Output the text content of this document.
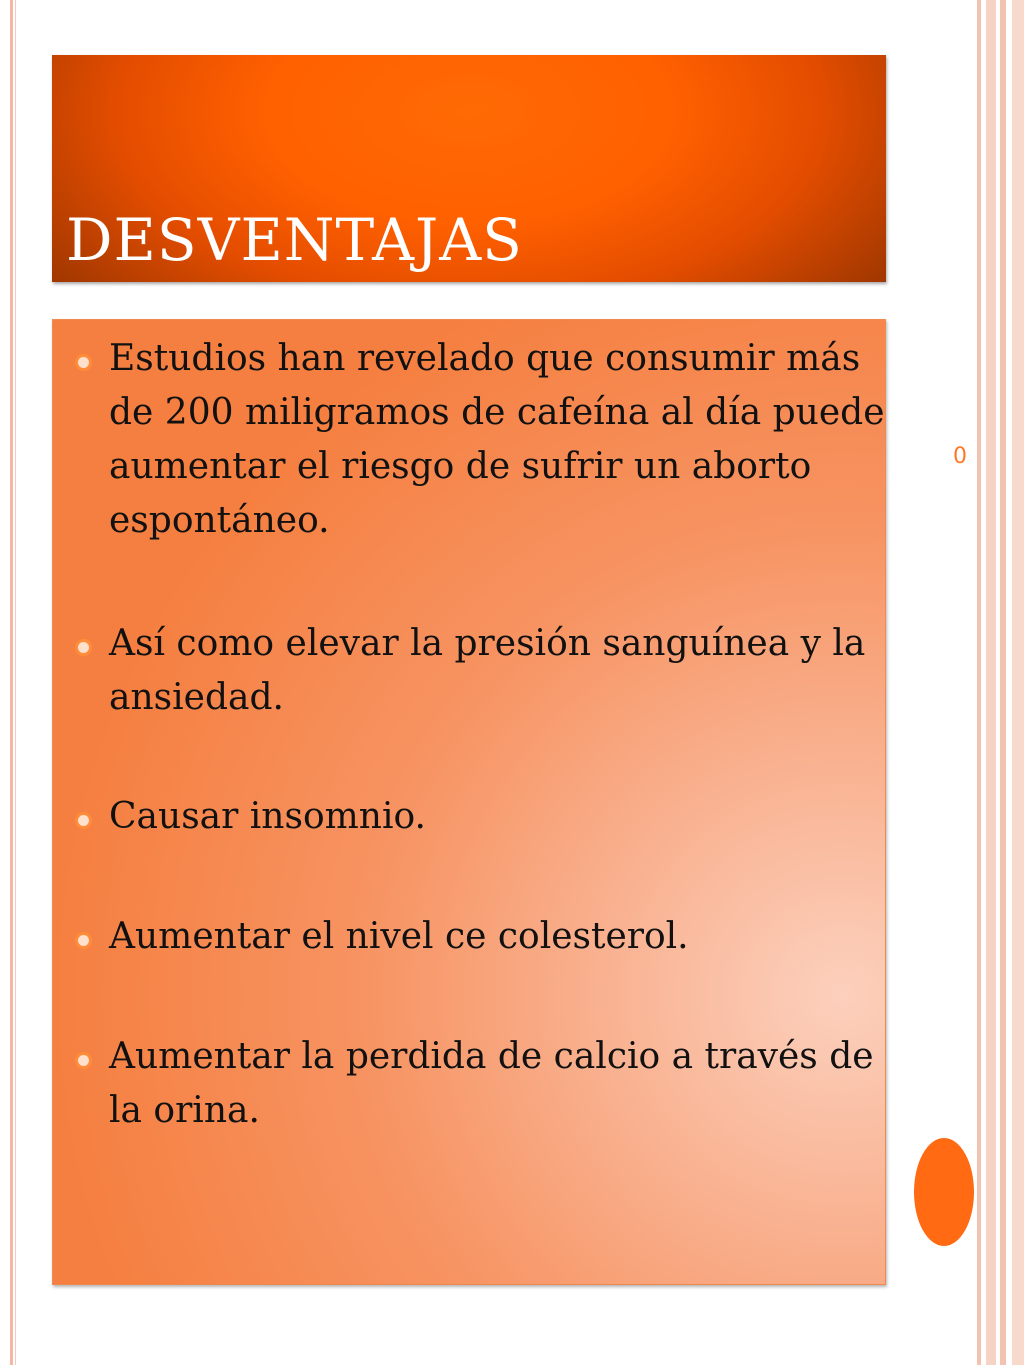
DESVENTAJAS
Estudios han revelado que consumir más de 200 miligramos de cafeína al día puede aumentar el riesgo de sufrir un aborto espontáneo.
Así como elevar la presión sanguínea y la ansiedad.
Causar insomnio.
Aumentar el nivel ce colesterol.
Aumentar la perdida de calcio a través de la orina.
0
